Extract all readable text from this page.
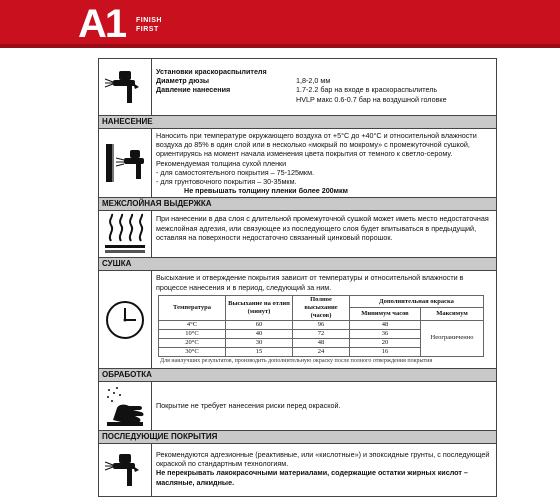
A1 FINISH
FIRST
Установки краскораспылителя
Диаметр дюзы	1,8-2,0 мм
Давление нанесения	1.7-2.2 бар на входе в краскораспылитель
HVLP макс 0.6-0.7 бар на воздушной головке
НАНЕСЕНИЕ
Наносить при температуре окружающего воздуха от +5°С до +40°С и относительной влажности воздуха до 85% в один слой или в несколько «мокрый по мокрому» с промежуточной сушкой, ориентируясь на момент начала изменения цвета покрытия от темного к светло-серому. Рекомендуемая толщина сухой пленки
- для самостоятельного покрытия – 75-125мкм.
- для грунтовочного покрытия – 30-35мкм.
Не превышать толщину пленки более 200мкм
МЕЖСЛОЙНАЯ ВЫДЕРЖКА
При нанесении в два слоя с длительной промежуточной сушкой может иметь место недостаточная межслойная адгезия, или связующее из последующего слоя будет впитываться в предыдущий, оставляя на поверхности недостаточно связанный цинковый порошок.
СУШКА
Высыхание и отверждение покрытия зависит от температуры и относительной влажности в процессе нанесения и в период, следующий за ним.
Температура	Высыхание на отлип (минут)	Полное высыхание (часов)	Дополнительная окраска	
			Минимум часов	Максимум
4°C	60	96	48	Неограниченно
10°C	40	72	36	
20°C	30	48	20	
30°C	15	24	16	
Для наилучших результатов, производить дополнительную окраску после полного отверждения покрытия
ОБРАБОТКА
Покрытие не требует нанесения риски перед окраской.
ПОСЛЕДУЮЩИЕ ПОКРЫТИЯ
Рекомендуются адгезионные (реактивные, или «кислотные») и эпоксидные грунты, с последующей окраской по стандартным технологиям.
Не перекрывать лакокрасочными материалами, содержащие остатки жирных кислот – масляные, алкидные.
